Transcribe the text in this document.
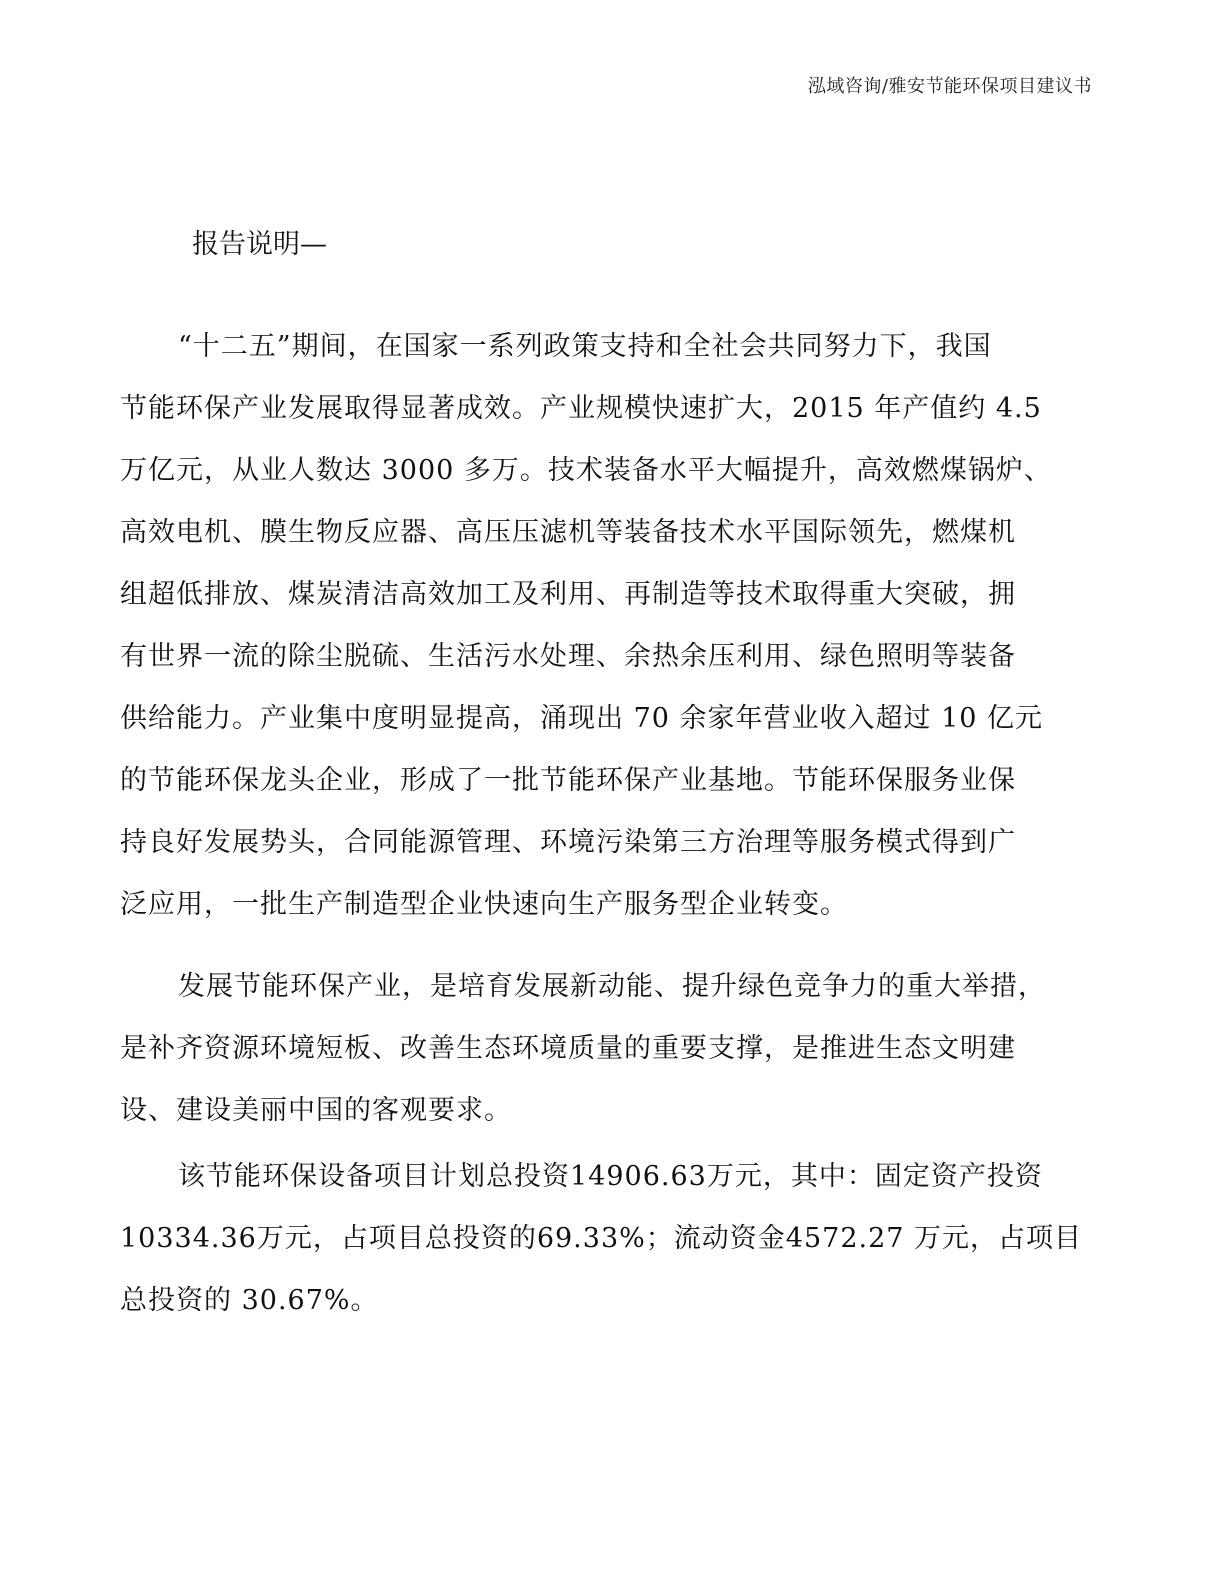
泓域咨询/雅安节能环保项目建议书
报告说明—
“十二五”期间，在国家一系列政策支持和全社会共同努力下，我国
节能环保产业发展取得显著成效。产业规模快速扩大，2015 年产值约 4.5
万亿元，从业人数达 3000 多万。技术装备水平大幅提升，高效燃煤锅炉、
高效电机、膜生物反应器、高压压滤机等装备技术水平国际领先，燃煤机
组超低排放、煤炭清洁高效加工及利用、再制造等技术取得重大突破，拥
有世界一流的除尘脱硫、生活污水处理、余热余压利用、绿色照明等装备
供给能力。产业集中度明显提高，涌现出 70 余家年营业收入超过 10 亿元
的节能环保龙头企业，形成了一批节能环保产业基地。节能环保服务业保
持良好发展势头，合同能源管理、环境污染第三方治理等服务模式得到广
泛应用，一批生产制造型企业快速向生产服务型企业转变。
发展节能环保产业，是培育发展新动能、提升绿色竞争力的重大举措，
是补齐资源环境短板、改善生态环境质量的重要支撑，是推进生态文明建
设、建设美丽中国的客观要求。
该节能环保设备项目计划总投资14906.63万元，其中：固定资产投资
10334.36万元，占项目总投资的69.33%；流动资金4572.27 万元，占项目
总投资的 30.67%。
